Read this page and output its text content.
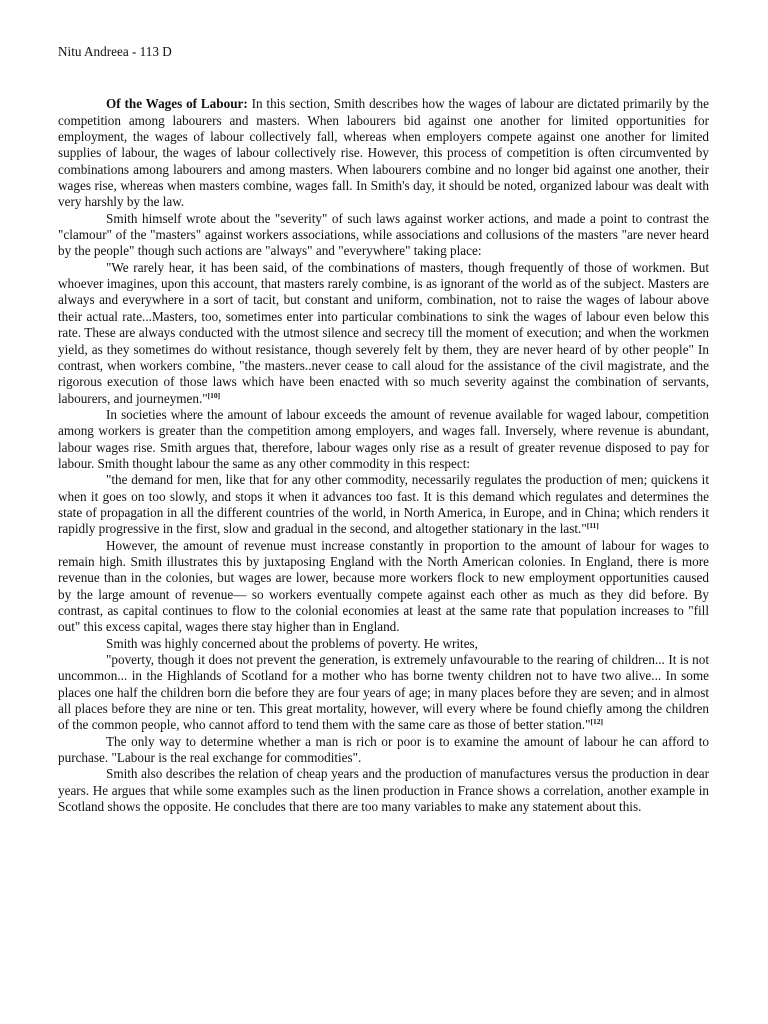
Nitu Andreea - 113 D

Of the Wages of Labour: In this section, Smith describes how the wages of labour are dictated primarily by the competition among labourers and masters. When labourers bid against one another for limited opportunities for employment, the wages of labour collectively fall, whereas when employers compete against one another for limited supplies of labour, the wages of labour collectively rise. However, this process of competition is often circumvented by combinations among labourers and among masters. When labourers combine and no longer bid against one another, their wages rise, whereas when masters combine, wages fall. In Smith's day, it should be noted, organized labour was dealt with very harshly by the law.

Smith himself wrote about the "severity" of such laws against worker actions, and made a point to contrast the "clamour" of the "masters" against workers associations, while associations and collusions of the masters "are never heard by the people" though such actions are "always" and "everywhere" taking place:

"We rarely hear, it has been said, of the combinations of masters, though frequently of those of workmen. But whoever imagines, upon this account, that masters rarely combine, is as ignorant of the world as of the subject. Masters are always and everywhere in a sort of tacit, but constant and uniform, combination, not to raise the wages of labour above their actual rate...Masters, too, sometimes enter into particular combinations to sink the wages of labour even below this rate. These are always conducted with the utmost silence and secrecy till the moment of execution; and when the workmen yield, as they sometimes do without resistance, though severely felt by them, they are never heard of by other people" In contrast, when workers combine, "the masters..never cease to call aloud for the assistance of the civil magistrate, and the rigorous execution of those laws which have been enacted with so much severity against the combination of servants, labourers, and journeymen."[10]

In societies where the amount of labour exceeds the amount of revenue available for waged labour, competition among workers is greater than the competition among employers, and wages fall. Inversely, where revenue is abundant, labour wages rise. Smith argues that, therefore, labour wages only rise as a result of greater revenue disposed to pay for labour. Smith thought labour the same as any other commodity in this respect:

"the demand for men, like that for any other commodity, necessarily regulates the production of men; quickens it when it goes on too slowly, and stops it when it advances too fast. It is this demand which regulates and determines the state of propagation in all the different countries of the world, in North America, in Europe, and in China; which renders it rapidly progressive in the first, slow and gradual in the second, and altogether stationary in the last."[11]

However, the amount of revenue must increase constantly in proportion to the amount of labour for wages to remain high. Smith illustrates this by juxtaposing England with the North American colonies. In England, there is more revenue than in the colonies, but wages are lower, because more workers flock to new employment opportunities caused by the large amount of revenue— so workers eventually compete against each other as much as they did before. By contrast, as capital continues to flow to the colonial economies at least at the same rate that population increases to "fill out" this excess capital, wages there stay higher than in England.

Smith was highly concerned about the problems of poverty. He writes,

"poverty, though it does not prevent the generation, is extremely unfavourable to the rearing of children... It is not uncommon... in the Highlands of Scotland for a mother who has borne twenty children not to have two alive... In some places one half the children born die before they are four years of age; in many places before they are seven; and in almost all places before they are nine or ten. This great mortality, however, will every where be found chiefly among the children of the common people, who cannot afford to tend them with the same care as those of better station."[12]

The only way to determine whether a man is rich or poor is to examine the amount of labour he can afford to purchase. "Labour is the real exchange for commodities".

Smith also describes the relation of cheap years and the production of manufactures versus the production in dear years. He argues that while some examples such as the linen production in France shows a correlation, another example in Scotland shows the opposite. He concludes that there are too many variables to make any statement about this.
